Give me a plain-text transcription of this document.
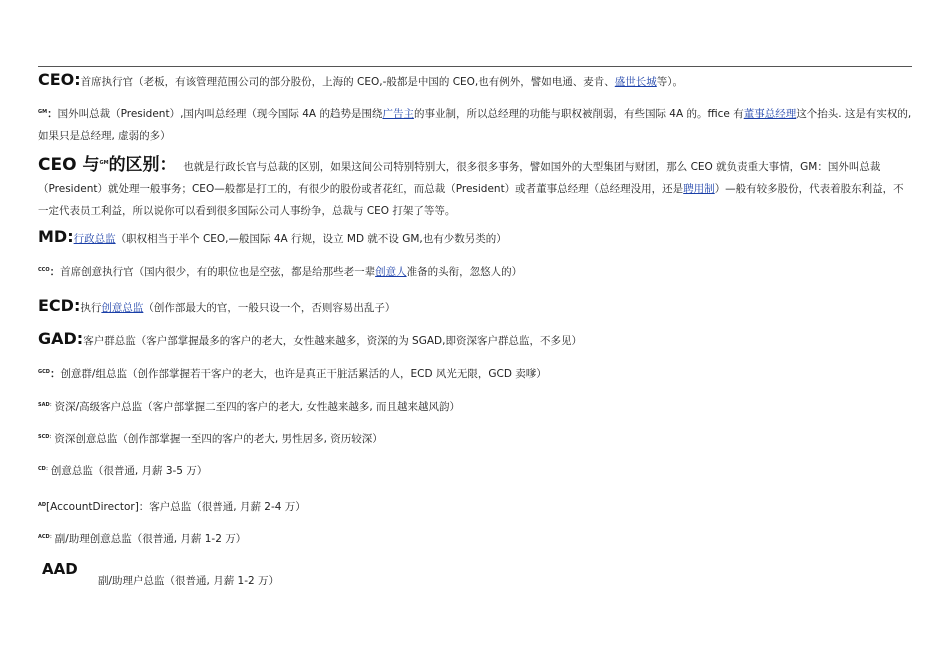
CEO:首席执行官（老板，有该管理范围公司的部分股份，上海的 CEO,-般都是中国的 CEO,也有例外，譬如电通、麦肯、盛世长城等）。
$^{GM}$：国外叫总裁（President）,国内叫总经理（现今国际 4A 的趋势是围绕广告主的事业制，所以总经理的功能与职权被削弱，有些国际 4A 的。ffice 有董事总经理这个抬头. 这是有实权的, 如果只是总经理, 虚弱的多）
CEO 与$^{GM}$的区别： 也就是行政长官与总裁的区别，如果这间公司特别特别大，很多很多事务，譬如国外的大型集团与财团，那么 CEO 就负责重大事情，GM：国外叫总裁（President）就处理一般事务；CEO—般都是打工的，有很少的股份或者花红，而总裁（President）或者董事总经理（总经理没用，还是聘用制）—般有较多股份，代表着股东利益，不一定代表员工利益，所以说你可以看到很多国际公司人事纷争，总裁与 CEO 打架了等等。
MD:行政总监（职权相当于半个 CEO,—般国际 4A 行规，设立 MD 就不设 GM,也有少数另类的）
$^{CCO}$：首席创意执行官（国内很少，有的职位也是空弦，都是给那些老一辈创意人准备的头衔，忽悠人的）
ECD:执行创意总监（创作部最大的官，一般只设一个，否则容易出乱子）
GAD:客户群总监（客户部掌握最多的客户的老大，女性越来越多，资深的为 SGAD,即资深客户群总监，不多见）
$^{GCD}$：创意群/组总监（创作部掌握若干客户的老大，也许是真正干脏活累活的人，ECD 风光无限，GCD 卖嗲）
$^{SAD:}$资深/高级客户总监（客户部掌握二至四的客户的老大, 女性越来越多, 而且越来越风韵）
$^{SCD:}$资深创意总监（创作部掌握一至四的客户的老大, 男性居多, 资历较深）
$^{CD:}$创意总监（很普通, 月薪 3-5 万）
$^{AD}$[AccountDirector]：客户总监（很普通, 月薪 2-4 万）
$^{ACD:}$副/助理创意总监（很普通, 月薪 1-2 万）
AAD
副/助理户总监（很普通, 月薪 1-2 万）
